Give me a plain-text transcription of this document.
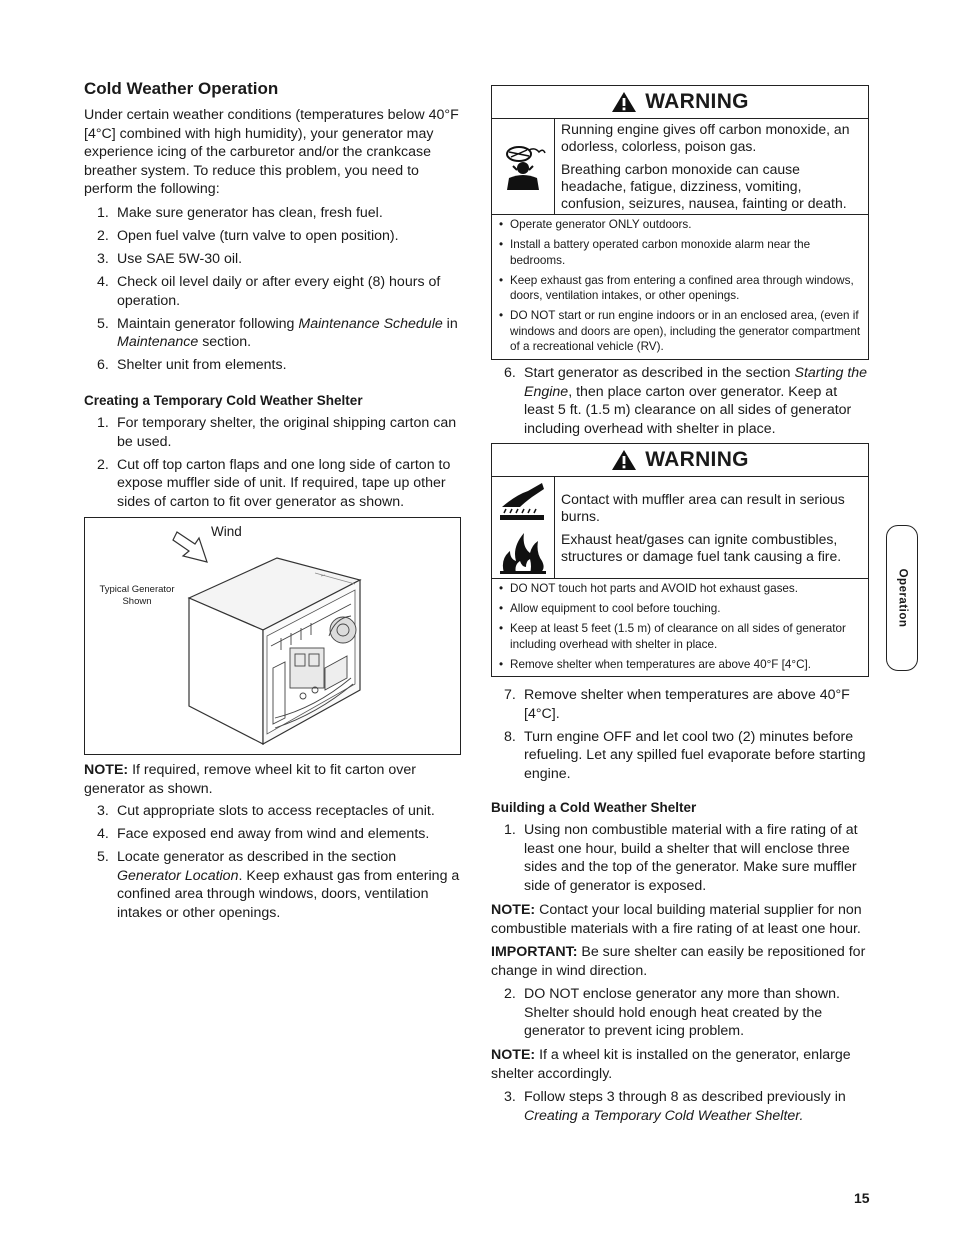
Cold Weather Operation

Under certain weather conditions (temperatures below 40°F [4°C] combined with high humidity), your generator may experience icing of the carburetor and/or the crankcase breather system. To reduce this problem, you need to perform the following:

1. Make sure generator has clean, fresh fuel.
2. Open fuel valve (turn valve to open position).
3. Use SAE 5W-30 oil.
4. Check oil level daily or after every eight (8) hours of operation.
5. Maintain generator following Maintenance Schedule in Maintenance section.
6. Shelter unit from elements.
Creating a Temporary Cold Weather Shelter
1. For temporary shelter, the original shipping carton can be used.
2. Cut off top carton flaps and one long side of carton to expose muffler side of unit. If required, tape up other sides of carton to fit over generator as shown.
Wind
Typical Generator Shown

NOTE: If required, remove wheel kit to fit carton over generator as shown.

3. Cut appropriate slots to access receptacles of unit.
4. Face exposed end away from wind and elements.
5. Locate generator as described in the section Generator Location. Keep exhaust gas from entering a confined area through windows, doors, ventilation intakes or other openings.
WARNING

Running engine gives off carbon monoxide, an odorless, colorless, poison gas.

Breathing carbon monoxide can cause headache, fatigue, dizziness, vomiting, confusion, seizures, nausea, fainting or death.

• Operate generator ONLY outdoors.
• Install a battery operated carbon monoxide alarm near the bedrooms.
• Keep exhaust gas from entering a confined area through windows, doors, ventilation intakes, or other openings.
• DO NOT start or run engine indoors or in an enclosed area, (even if windows and doors are open), including the generator compartment of a recreational vehicle (RV).
6. Start generator as described in the section Starting the Engine, then place carton over generator. Keep at least 5 ft. (1.5 m) clearance on all sides of generator including overhead with shelter in place.
WARNING

Contact with muffler area can result in serious burns.

Exhaust heat/gases can ignite combustibles, structures or damage fuel tank causing a fire.

• DO NOT touch hot parts and AVOID hot exhaust gases.
• Allow equipment to cool before touching.
• Keep at least 5 feet (1.5 m) of clearance on all sides of generator including overhead with shelter in place.
• Remove shelter when temperatures are above 40°F [4°C].
7. Remove shelter when temperatures are above 40°F [4°C].
8. Turn engine OFF and let cool two (2) minutes before refueling. Let any spilled fuel evaporate before starting engine.
Building a Cold Weather Shelter
1. Using non combustible material with a fire rating of at least one hour, build a shelter that will enclose three sides and the top of the generator. Make sure muffler side of generator is exposed.

NOTE: Contact your local building material supplier for non combustible materials with a fire rating of at least one hour.

IMPORTANT: Be sure shelter can easily be repositioned for change in wind direction.

2. DO NOT enclose generator any more than shown. Shelter should hold enough heat created by the generator to prevent icing problem.

NOTE: If a wheel kit is installed on the generator, enlarge shelter accordingly.

3. Follow steps 3 through 8 as described previously in Creating a Temporary Cold Weather Shelter.
Operation
15
